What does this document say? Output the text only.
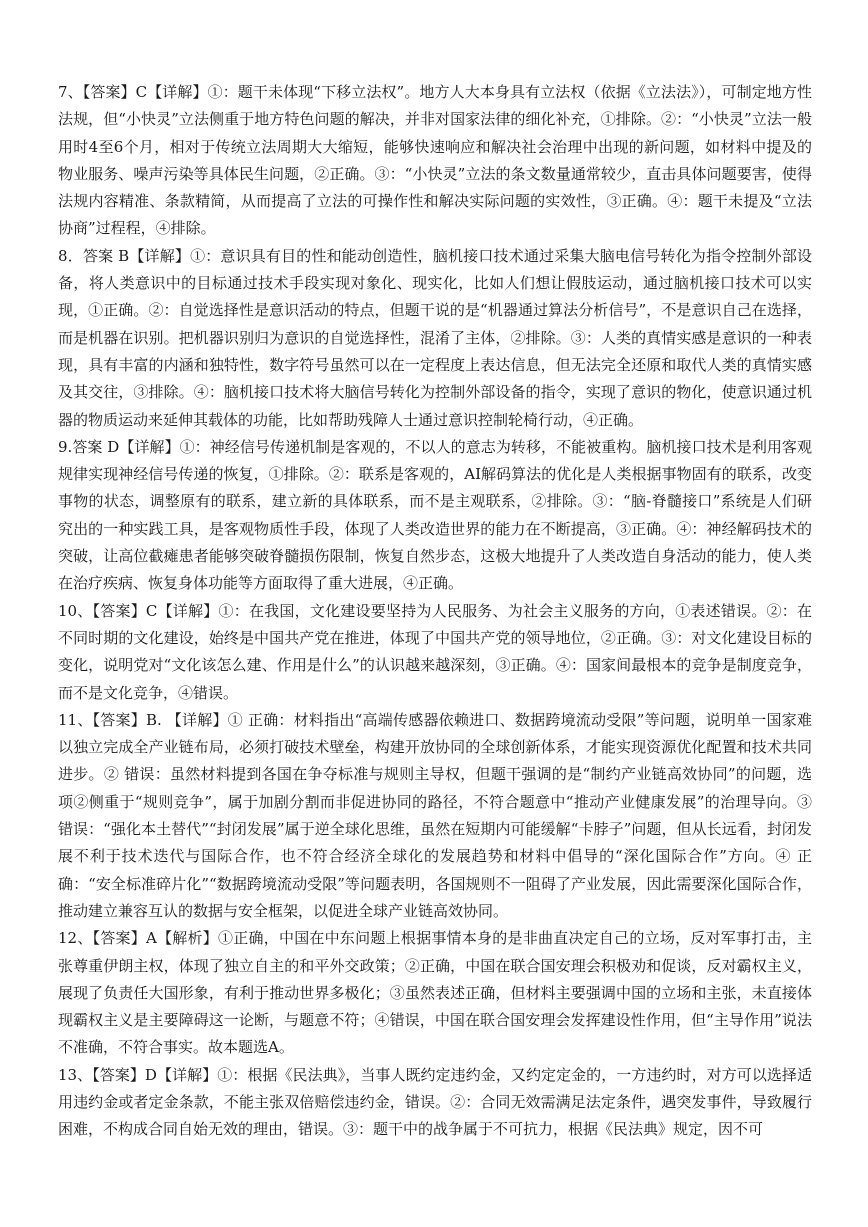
7、【答案】C【详解】①：题干未体现“下移立法权”。地方人大本身具有立法权（依据《立法法》），可制定地方性法规，但“小快灵”立法侧重于地方特色问题的解决，并非对国家法律的细化补充，①排除。②：“小快灵”立法一般用时4至6个月，相对于传统立法周期大大缩短，能够快速响应和解决社会治理中出现的新问题，如材料中提及的物业服务、噪声污染等具体民生问题，②正确。③：“小快灵”立法的条文数量通常较少，直击具体问题要害，使得法规内容精准、条款精简，从而提高了立法的可操作性和解决实际问题的实效性，③正确。④：题干未提及“立法协商”过程程，④排除。

8．答案 B【详解】①：意识具有目的性和能动创造性，脑机接口技术通过采集大脑电信号转化为指令控制外部设备，将人类意识中的目标通过技术手段实现对象化、现实化，比如人们想让假肢运动，通过脑机接口技术可以实现，①正确。②：自觉选择性是意识活动的特点，但题干说的是“机器通过算法分析信号”，不是意识自己在选择，而是机器在识别。把机器识别归为意识的自觉选择性，混淆了主体，②排除。③：人类的真情实感是意识的一种表现，具有丰富的内涵和独特性，数字符号虽然可以在一定程度上表达信息，但无法完全还原和取代人类的真情实感及其交往，③排除。④：脑机接口技术将大脑信号转化为控制外部设备的指令，实现了意识的物化，使意识通过机器的物质运动来延伸其载体的功能，比如帮助残障人士通过意识控制轮椅行动，④正确。

9.答案 D【详解】①：神经信号传递机制是客观的，不以人的意志为转移，不能被重构。脑机接口技术是利用客观规律实现神经信号传递的恢复，①排除。②：联系是客观的，AI解码算法的优化是人类根据事物固有的联系，改变事物的状态，调整原有的联系，建立新的具体联系，而不是主观联系，②排除。③：“脑-脊髓接口”系统是人们研究出的一种实践工具，是客观物质性手段，体现了人类改造世界的能力在不断提高，③正确。④：神经解码技术的突破，让高位截瘫患者能够突破脊髓损伤限制，恢复自然步态，这极大地提升了人类改造自身活动的能力，使人类在治疗疾病、恢复身体功能等方面取得了重大进展，④正确。

10、【答案】C【详解】①：在我国，文化建设要坚持为人民服务、为社会主义服务的方向，①表述错误。②：在不同时期的文化建设，始终是中国共产党在推进，体现了中国共产党的领导地位，②正确。③：对文化建设目标的变化，说明党对“文化该怎么建、作用是什么”的认识越来越深刻，③正确。④：国家间最根本的竞争是制度竞争，而不是文化竞争，④错误。

11、【答案】B. 【详解】① 正确：材料指出“高端传感器依赖进口、数据跨境流动受限”等问题，说明单一国家难以独立完成全产业链布局，必须打破技术壁垒，构建开放协同的全球创新体系，才能实现资源优化配置和技术共同进步。② 错误：虽然材料提到各国在争夺标准与规则主导权，但题干强调的是“制约产业链高效协同”的问题，选项②侧重于“规则竞争”，属于加剧分割而非促进协同的路径，不符合题意中“推动产业健康发展”的治理导向。③ 错误：“强化本土替代”“封闭发展”属于逆全球化思维，虽然在短期内可能缓解“卡脖子”问题，但从长远看，封闭发展不利于技术迭代与国际合作，也不符合经济全球化的发展趋势和材料中倡导的“深化国际合作”方向。④ 正确：“安全标准碎片化”“数据跨境流动受限”等问题表明，各国规则不一阻碍了产业发展，因此需要深化国际合作，推动建立兼容互认的数据与安全框架，以促进全球产业链高效协同。

12、【答案】A【解析】①正确，中国在中东问题上根据事情本身的是非曲直决定自己的立场，反对军事打击，主张尊重伊朗主权，体现了独立自主的和平外交政策；②正确，中国在联合国安理会积极劝和促谈，反对霸权主义，展现了负责任大国形象，有利于推动世界多极化；③虽然表述正确，但材料主要强调中国的立场和主张，未直接体现霸权主义是主要障碍这一论断，与题意不符；④错误，中国在联合国安理会发挥建设性作用，但“主导作用”说法不准确，不符合事实。故本题选A。

13、【答案】D【详解】①：根据《民法典》，当事人既约定违约金，又约定定金的，一方违约时，对方可以选择适用违约金或者定金条款，不能主张双倍赔偿违约金，错误。②：合同无效需满足法定条件，遇突发事件，导致履行困难，不构成合同自始无效的理由，错误。③：题干中的战争属于不可抗力，根据《民法典》规定，因不可
